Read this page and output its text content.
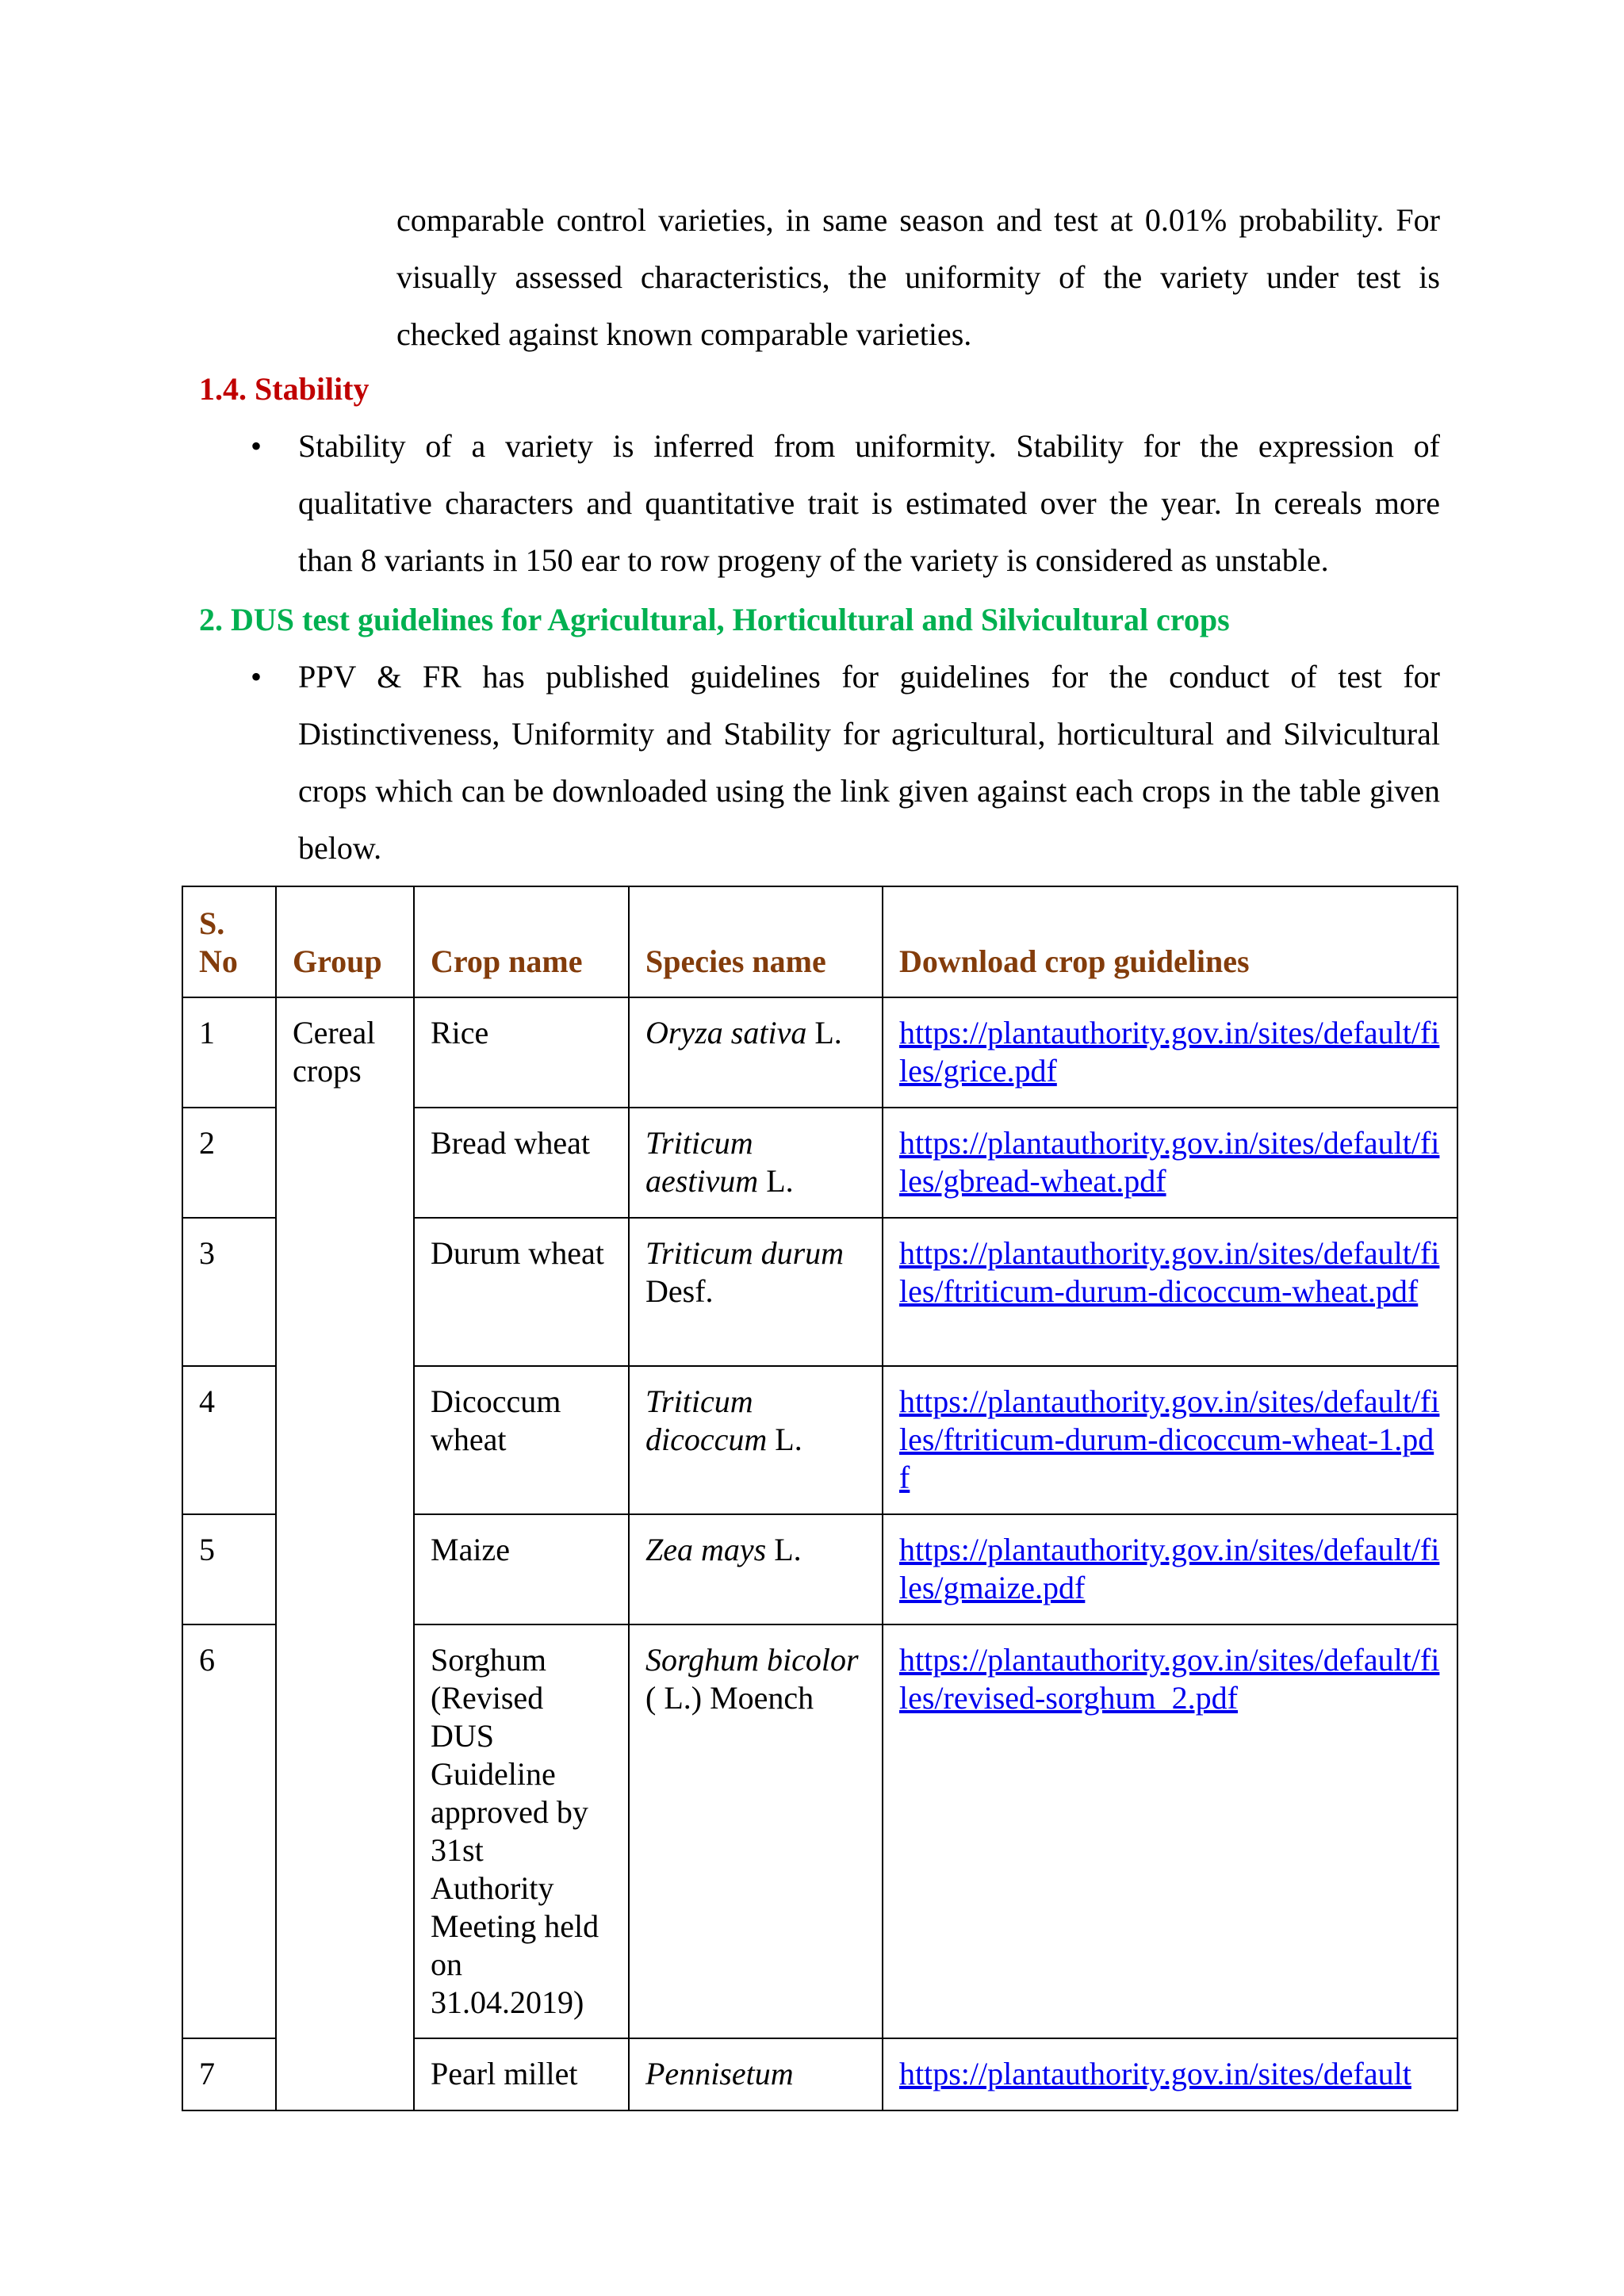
comparable control varieties, in same season and test at 0.01% probability. For visually assessed characteristics, the uniformity of the variety under test is checked against known comparable varieties.
1.4. Stability
• Stability of a variety is inferred from uniformity. Stability for the expression of qualitative characters and quantitative trait is estimated over the year. In cereals more than 8 variants in 150 ear to row progeny of the variety is considered as unstable.
2. DUS test guidelines for Agricultural, Horticultural and Silvicultural crops
• PPV & FR has published guidelines for guidelines for the conduct of test for Distinctiveness, Uniformity and Stability for agricultural, horticultural and Silvicultural crops which can be downloaded using the link given against each crops in the table given below.
S. No	Group	Crop name	Species name	Download crop guidelines
1	Cereal crops	Rice	Oryza sativa L.	https://plantauthority.gov.in/sites/default/files/grice.pdf
2		Bread wheat	Triticum aestivum L.	https://plantauthority.gov.in/sites/default/files/gbread-wheat.pdf
3		Durum wheat	Triticum durum Desf.	https://plantauthority.gov.in/sites/default/files/ftriticum-durum-dicoccum-wheat.pdf
4		Dicoccum wheat	Triticum dicoccum L.	https://plantauthority.gov.in/sites/default/files/ftriticum-durum-dicoccum-wheat-1.pdf
5		Maize	Zea mays L.	https://plantauthority.gov.in/sites/default/files/gmaize.pdf
6		Sorghum (Revised DUS Guideline approved by 31st Authority Meeting held on 31.04.2019)	Sorghum bicolor ( L.) Moench	https://plantauthority.gov.in/sites/default/files/revised-sorghum_2.pdf
7		Pearl millet	Pennisetum	https://plantauthority.gov.in/sites/default
